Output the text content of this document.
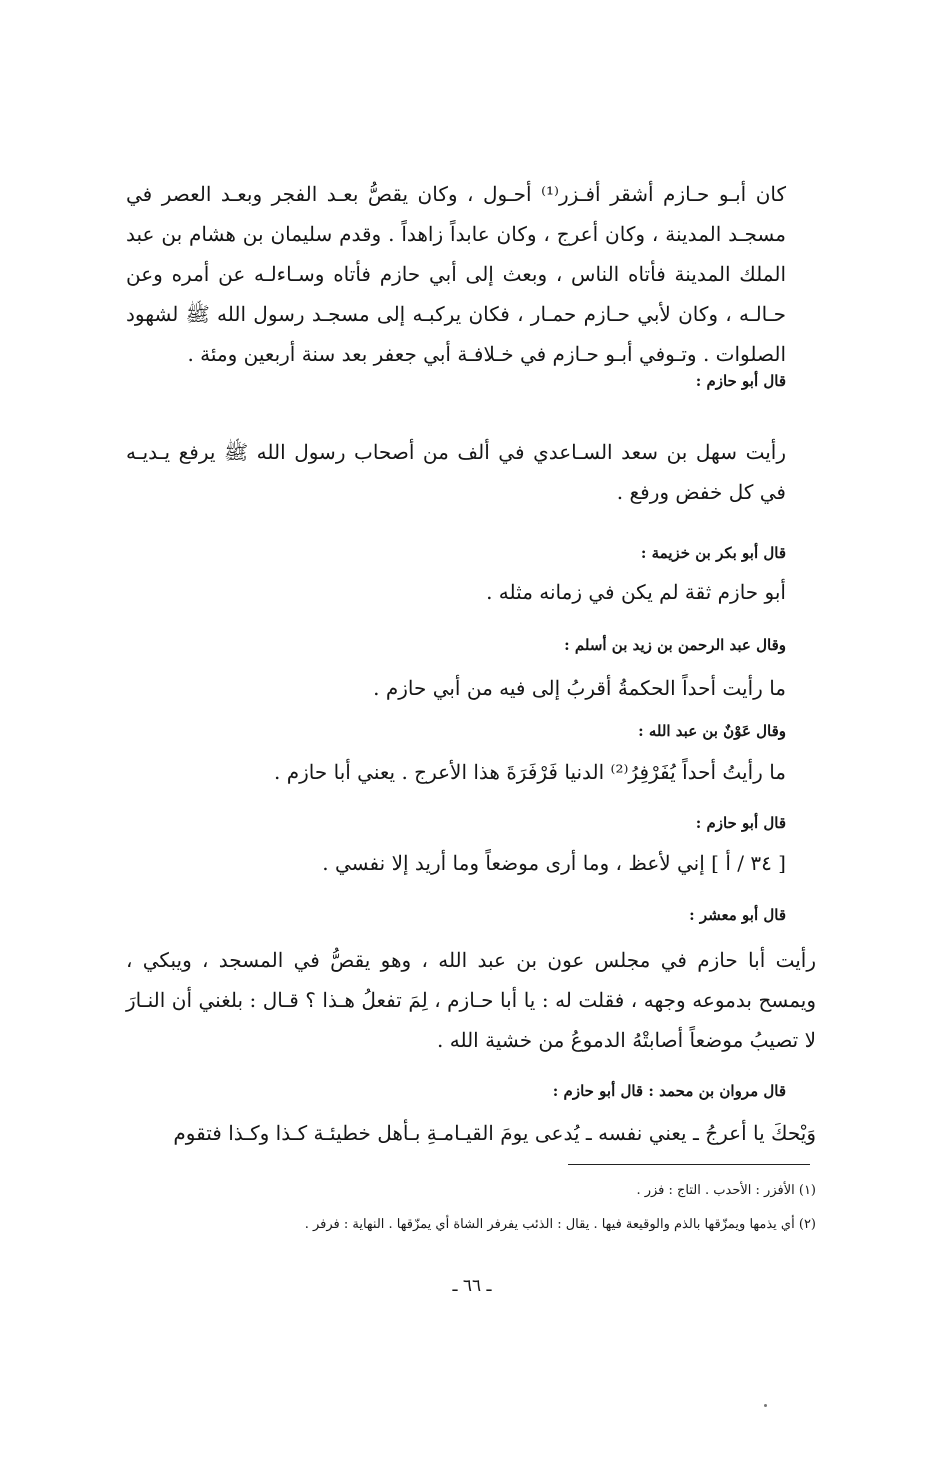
كان أبـو حـازم أشقر أفـزر⁽¹⁾ أحـول ، وكان يقصُّ بعـد الفجر وبعـد العصر في مسجـد المدينة ، وكان أعرج ، وكان عابداً زاهداً . وقدم سليمان بن هشام بن عبد الملك المدينة فأتاه الناس ، وبعث إلى أبي حازم فأتاه وسـاءلـه عن أمره وعن حـالـه ، وكان لأبي حـازم حمـار ، فكان يركبـه إلى مسجـد رسول الله ﷺ لشهود الصلوات . وتـوفي أبـو حـازم في خـلافـة أبي جعفر بعد سنة أربعين ومئة .
قال أبو حازم :
رأيت سهل بن سعد السـاعدي في ألف من أصحاب رسول الله ﷺ يرفع يـديـه في كل خفض ورفع .
قال أبو بكر بن خزيمة :
أبو حازم ثقة لم يكن في زمانه مثله .
وقال عبد الرحمن بن زيد بن أسلم :
ما رأيت أحداً الحكمةُ أقربُ إلى فيه من أبي حازم .
وقال عَوْنٌ بن عبد الله :
ما رأيتُ أحداً يُفَرْفِرُ⁽²⁾ الدنيا فَرْفَرَةَ هذا الأعرج . يعني أبا حازم .
قال أبو حازم :
[ ٣٤ / أ ] إني لأعظ ، وما أرى موضعاً وما أريد إلا نفسي .
قال أبو معشر :
رأيت أبا حازم في مجلس عون بن عبد الله ، وهو يقصُّ في المسجد ، ويبكي ، ويمسح بدموعه وجهه ، فقلت له : يا أبا حـازم ، لِمَ تفعلُ هـذا ؟ قـال : بلغني أن النـارَ لا تصيبُ موضعاً أصابتْهُ الدموعُ من خشية الله .
قال مروان بن محمد : قال أبو حازم :
وَيْحكَ يا أعرجُ ـ يعني نفسه ـ يُدعى يومَ القيـامـةِ بـأهل خطيئـة كـذا وكـذا فتقوم
(١) الأفزر : الأحدب . التاج : فزر .
(٢) أي يذمها ويمزّقها بالذم والوقيعة فيها . يقال : الذئب يفرفر الشاة أي يمزّقها . النهاية : فرفر .
ـ ٦٦ ـ
